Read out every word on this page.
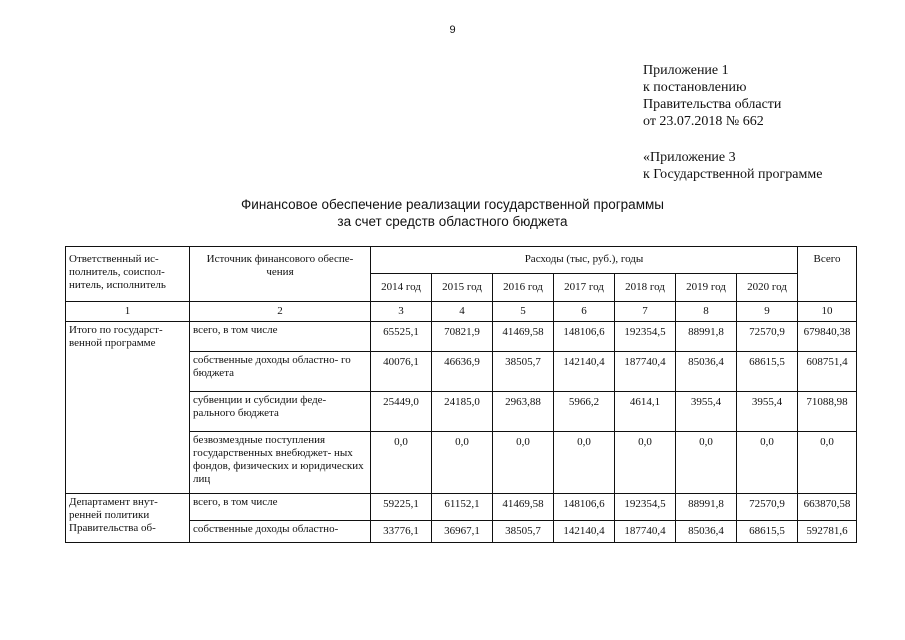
9
Приложение 1
к постановлению
Правительства области
от 23.07.2018 № 662
«Приложение 3
к Государственной программе
Финансовое обеспечение реализации государственной программы
за счет средств областного бюджета
Ответственный ис- полнитель, соиспол- нитель, исполнитель	Источник финансового обеспе- чения	Расходы (тыс, руб.), годы							Всего
		2014 год	2015 год	2016 год	2017 год	2018 год	2019 год	2020 год	
1	2	3	4	5	6	7	8	9	10
Итого по государст- венной программе	всего, в том числе	65525,1	70821,9	41469,58	148106,6	192354,5	88991,8	72570,9	679840,38
	собственные доходы областно- го бюджета	40076,1	46636,9	38505,7	142140,4	187740,4	85036,4	68615,5	608751,4
	субвенции и субсидии феде- рального бюджета	25449,0	24185,0	2963,88	5966,2	4614,1	3955,4	3955,4	71088,98
	безвозмездные поступления государственных внебюджет- ных фондов, физических и юридических лиц	0,0	0,0	0,0	0,0	0,0	0,0	0,0	0,0
Департамент внут- ренней политики Правительства об-	всего, в том числе	59225,1	61152,1	41469,58	148106,6	192354,5	88991,8	72570,9	663870,58
	собственные доходы областно-	33776,1	36967,1	38505,7	142140,4	187740,4	85036,4	68615,5	592781,6
